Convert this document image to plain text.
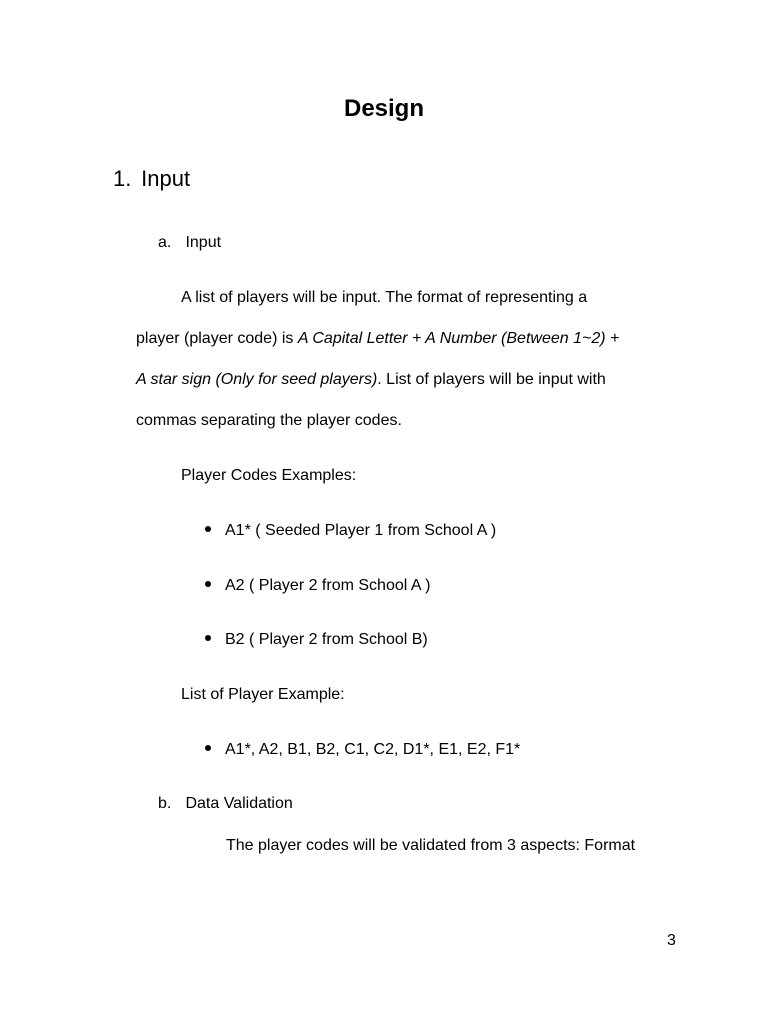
Design
1. Input
a. Input
A list of players will be input. The format of representing a
player (player code) is A Capital Letter + A Number (Between 1~2) +
A star sign (Only for seed players). List of players will be input with
commas separating the player codes.
Player Codes Examples:
A1* ( Seeded Player 1 from School A )
A2 ( Player 2 from School A )
B2 ( Player 2 from School B)
List of Player Example:
A1*, A2, B1, B2, C1, C2, D1*, E1, E2, F1*
b. Data Validation
The player codes will be validated from 3 aspects: Format
3
